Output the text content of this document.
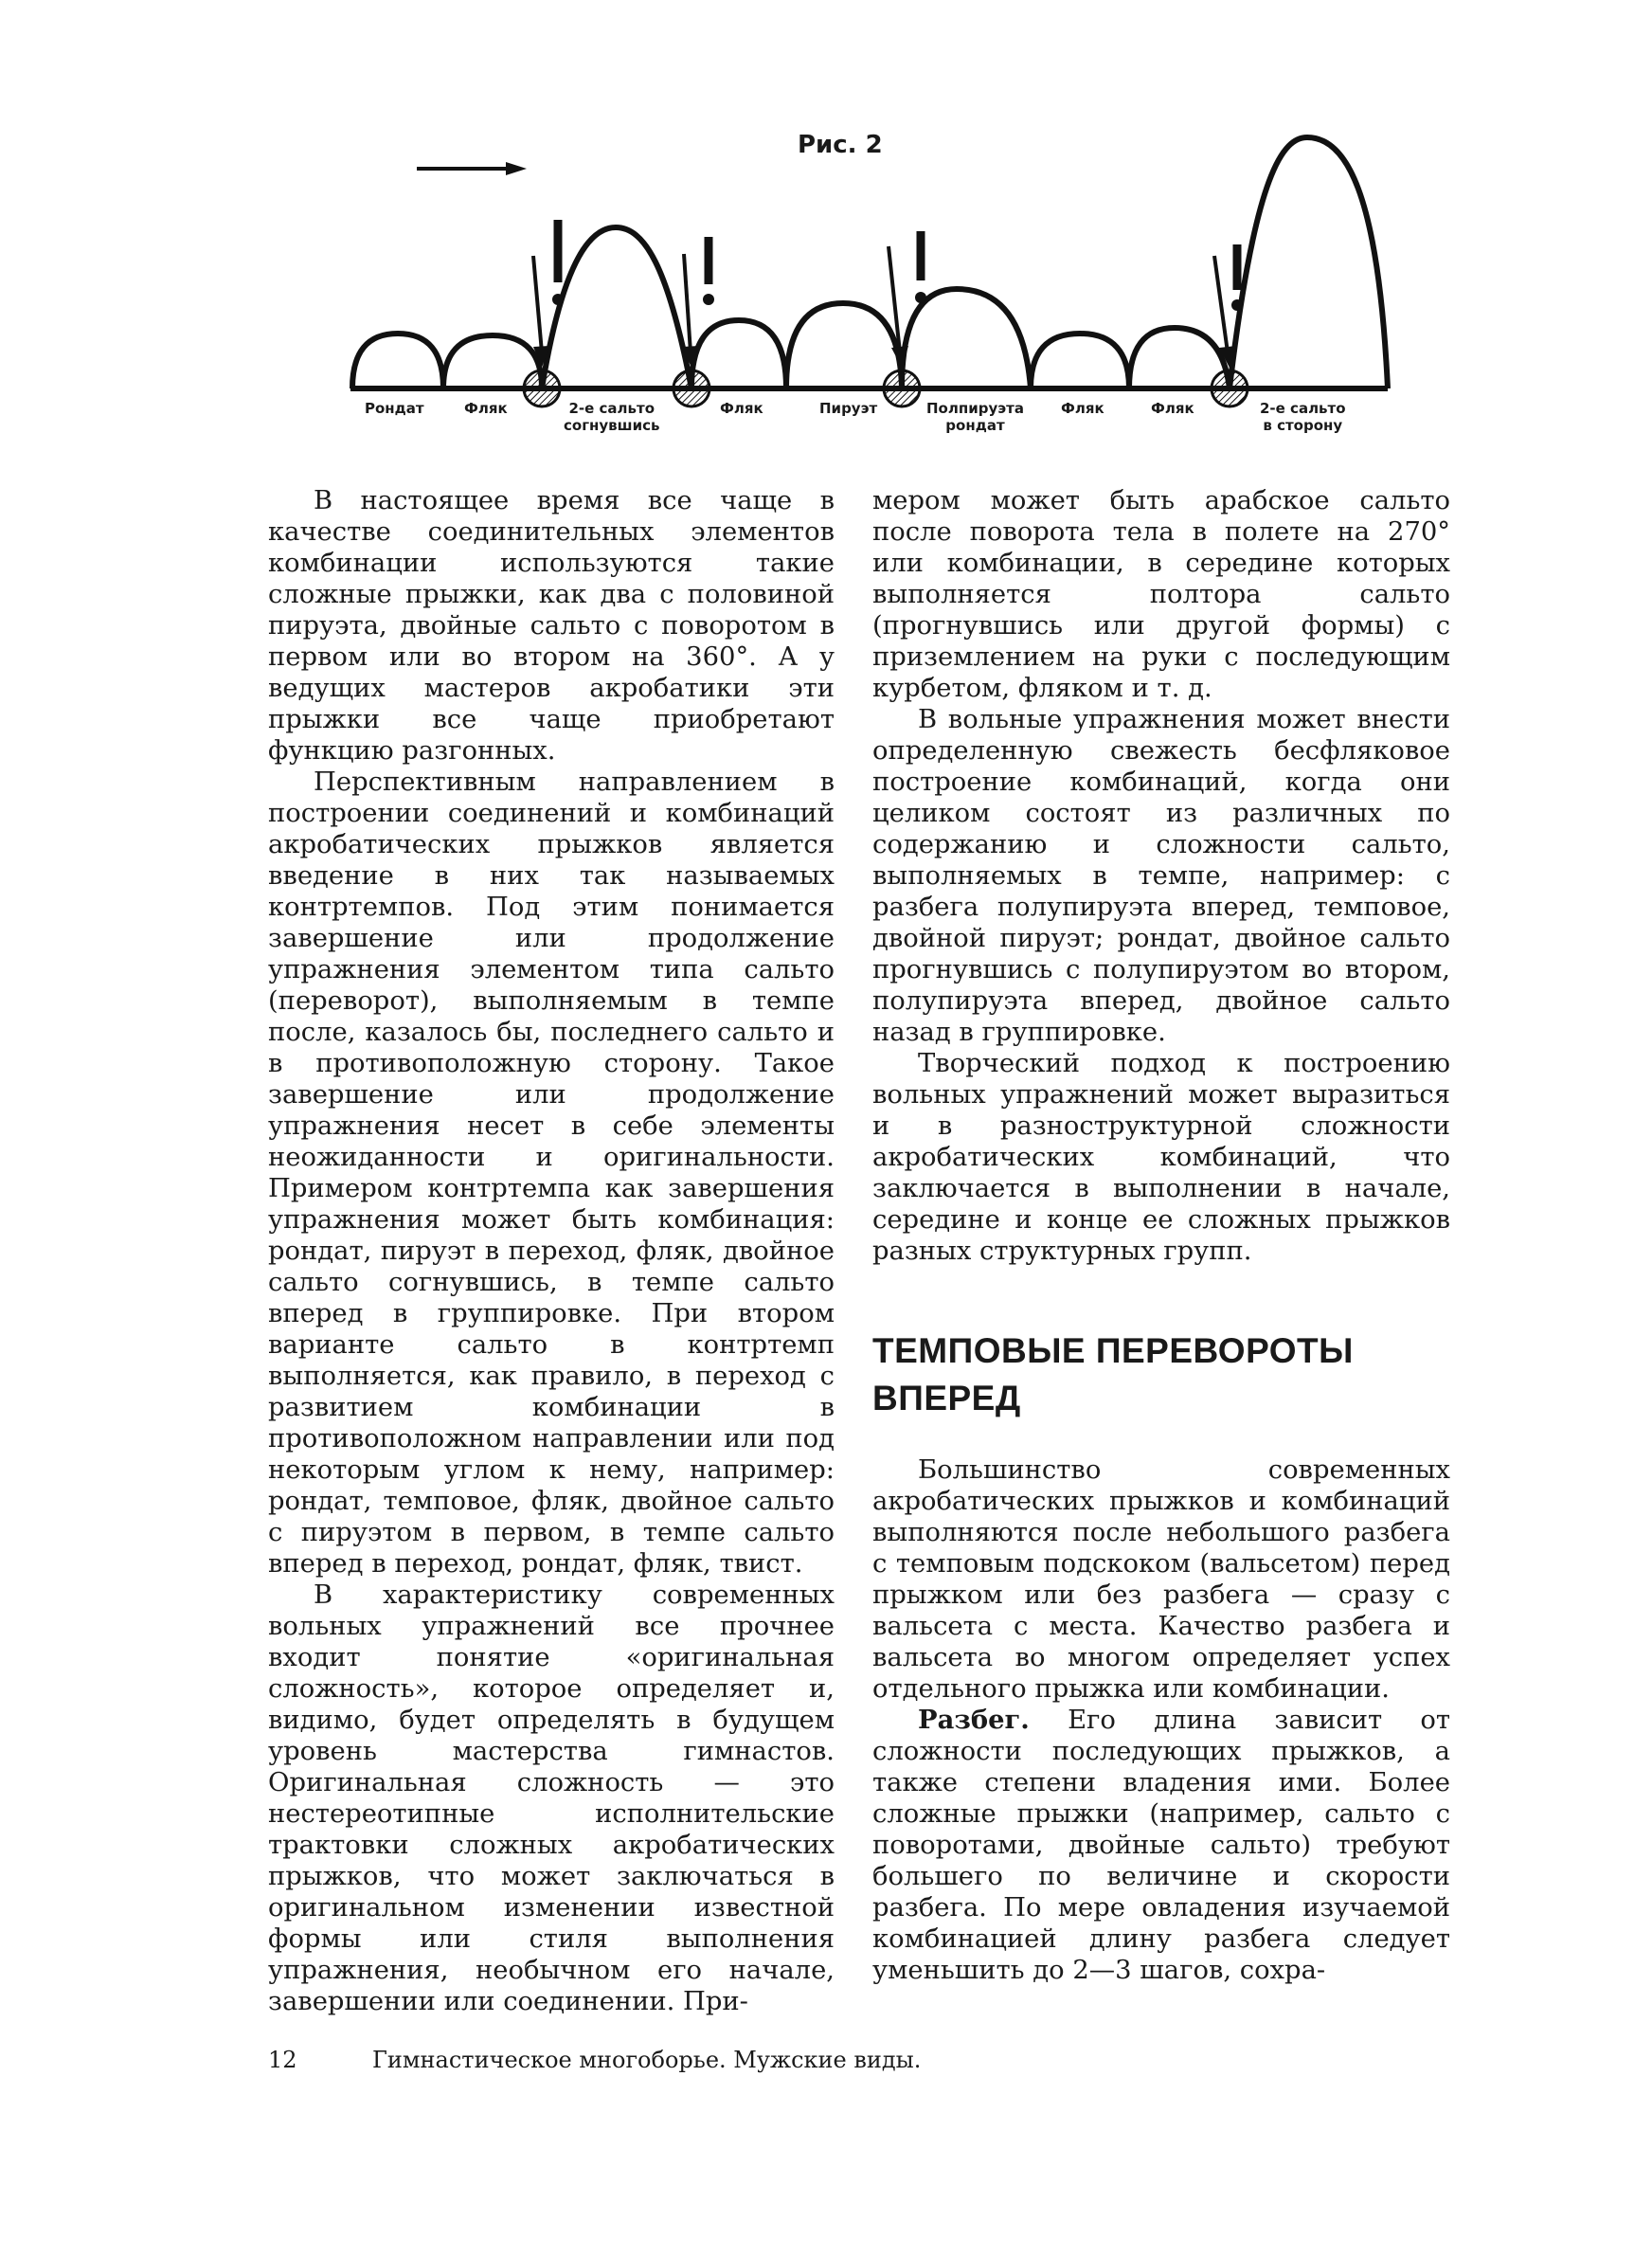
Рис. 2
Рондат	Фляк	2-е сальто
согнувшись
Фляк	Пируэт	Полпируэта
рондат
Фляк	Фляк	2-е сальто
в сторону

В настоящее время все чаще в качестве соединительных элементов комбинации используются такие сложные прыжки, как два с половиной пируэта, двойные сальто с поворотом в первом или во втором на 360°. А у ведущих мастеров акробатики эти прыжки все чаще приобретают функцию разгонных.

Перспективным направлением в построении соединений и комбинаций акробатических прыжков является введение в них так называемых контртемпов. Под этим понимается завершение или продолжение упражнения элементом типа сальто (переворот), выполняемым в темпе после, казалось бы, последнего сальто и в противоположную сторону. Такое завершение или продолжение упражнения несет в себе элементы неожиданности и оригинальности. Примером контртемпа как завершения упражнения может быть комбинация: рондат, пируэт в переход, фляк, двойное сальто согнувшись, в темпе сальто вперед в группировке. При втором варианте сальто в контртемп выполняется, как правило, в переход с развитием комбинации в противоположном направлении или под некоторым углом к нему, например: рондат, темповое, фляк, двойное сальто с пируэтом в первом, в темпе сальто вперед в переход, рондат, фляк, твист.

В характеристику современных вольных упражнений все прочнее входит понятие «оригинальная сложность», которое определяет и, видимо, будет определять в будущем уровень мастерства гимнастов. Оригинальная сложность — это нестереотипные исполнительские трактовки сложных акробатических прыжков, что может заключаться в оригинальном изменении известной формы или стиля выполнения упражнения, необычном его начале, завершении или соединении. При-

мером может быть арабское сальто после поворота тела в полете на 270° или комбинации, в середине которых выполняется полтора сальто (прогнувшись или другой формы) с приземлением на руки с последующим курбетом, фляком и т. д.

В вольные упражнения может внести определенную свежесть бесфляковое построение комбинаций, когда они целиком состоят из различных по содержанию и сложности сальто, выполняемых в темпе, например: с разбега полупируэта вперед, темповое, двойной пируэт; рондат, двойное сальто прогнувшись с полупируэтом во втором, полупируэта вперед, двойное сальто назад в группировке.

Творческий подход к построению вольных упражнений может выразиться и в разноструктурной сложности акробатических комбинаций, что заключается в выполнении в начале, середине и конце ее сложных прыжков разных структурных групп.

ТЕМПОВЫЕ ПЕРЕВОРОТЫ ВПЕРЕД

Большинство современных акробатических прыжков и комбинаций выполняются после небольшого разбега с темповым подскоком (вальсетом) перед прыжком или без разбега — сразу с вальсета с места. Качество разбега и вальсета во многом определяет успех отдельного прыжка или комбинации.

Разбег. Его длина зависит от сложности последующих прыжков, а также степени владения ими. Более сложные прыжки (например, сальто с поворотами, двойные сальто) требуют большего по величине и скорости разбега. По мере овладения изучаемой комбинацией длину разбега следует уменьшить до 2—3 шагов, сохра-

12	Гимнастическое многоборье. Мужские виды.
